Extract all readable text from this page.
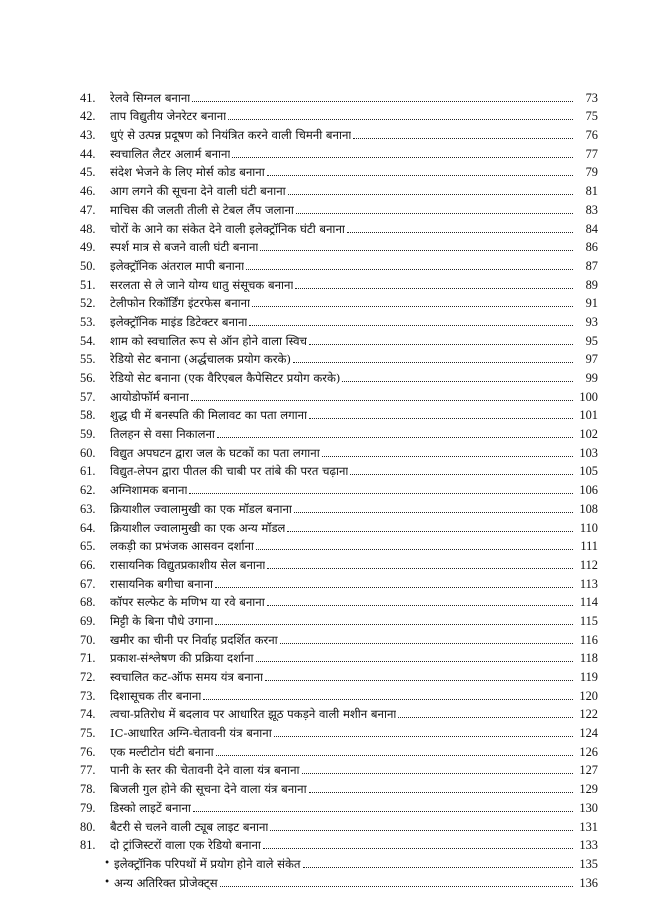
41.	रेलवे सिग्नल बनाना	73
42.	ताप विद्युतीय जेनरेटर बनाना	75
43.	धुएं से उत्पन्न प्रदूषण को नियंत्रित करने वाली चिमनी बनाना	76
44.	स्वचालित लैटर अलार्म बनाना	77
45.	संदेश भेजने के लिए मोर्स कोड बनाना	79
46.	आग लगने की सूचना देने वाली घंटी बनाना	81
47.	माचिस की जलती तीली से टेबल लैंप जलाना	83
48.	चोरों के आने का संकेत देने वाली इलेक्ट्रॉनिक घंटी बनाना	84
49.	स्पर्श मात्र से बजने वाली घंटी बनाना	86
50.	इलेक्ट्रॉनिक अंतराल मापी बनाना	87
51.	सरलता से ले जाने योग्य धातु संसूचक बनाना	89
52.	टेलीफोन रिकॉर्डिंग इंटरफेस बनाना	91
53.	इलेक्ट्रॉनिक माइंड डिटेक्टर बनाना	93
54.	शाम को स्वचालित रूप से ऑन होने वाला स्विच	95
55.	रेडियो सेट बनाना (अर्द्धचालक प्रयोग करके)	97
56.	रेडियो सेट बनाना (एक वैरिएबल कैपेसिटर प्रयोग करके)	99
57.	आयोडोफॉर्म बनाना	100
58.	शुद्ध घी में बनस्पति की मिलावट का पता लगाना	101
59.	तिलहन से वसा निकालना	102
60.	विद्युत अपघटन द्वारा जल के घटकों का पता लगाना	103
61.	विद्युत-लेपन द्वारा पीतल की चाबी पर तांबे की परत चढ़ाना	105
62.	अग्निशामक बनाना	106
63.	क्रियाशील ज्वालामुखी का एक मॉडल बनाना	108
64.	क्रियाशील ज्वालामुखी का एक अन्य मॉडल	110
65.	लकड़ी का प्रभंजक आसवन दर्शाना	111
66.	रासायनिक विद्युतप्रकाशीय सेल बनाना	112
67.	रासायनिक बगीचा बनाना	113
68.	कॉपर सल्फेट के मणिभ या रवे बनाना	114
69.	मिट्टी के बिना पौधे उगाना	115
70.	खमीर का चीनी पर निर्वाह प्रदर्शित करना	116
71.	प्रकाश-संश्लेषण की प्रक्रिया दर्शाना	118
72.	स्वचालित कट-ऑफ समय यंत्र बनाना	119
73.	दिशासूचक तीर बनाना	120
74.	त्वचा-प्रतिरोध में बदलाव पर आधारित झूठ पकड़ने वाली मशीन बनाना	122
75.	IC-आधारित अग्नि-चेतावनी यंत्र बनाना	124
76.	एक मल्टीटोन घंटी बनाना	126
77.	पानी के स्तर की चेतावनी देने वाला यंत्र बनाना	127
78.	बिजली गुल होने की सूचना देने वाला यंत्र बनाना	129
79.	डिस्को लाइटें बनाना	130
80.	बैटरी से चलने वाली ट्यूब लाइट बनाना	131
81.	दो ट्रांजिस्टरों वाला एक रेडियो बनाना	133
• इलेक्ट्रॉनिक परिपथों में प्रयोग होने वाले संकेत	135
• अन्य अतिरिक्त प्रोजेक्ट्स	136
